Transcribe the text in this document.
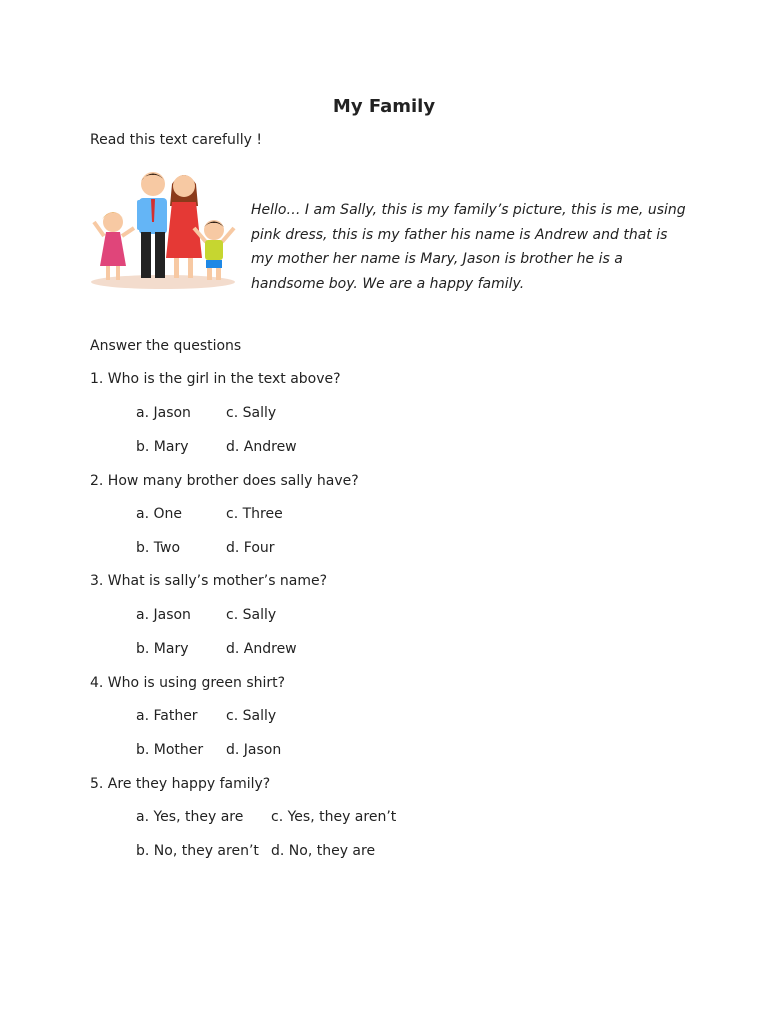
My Family
Read this text carefully !
Hello… I am Sally, this is my family’s picture, this is me, using pink dress, this is my father his name is Andrew and that is my mother her name is Mary, Jason is brother he is a handsome boy. We are a happy family.
Answer the questions
1. Who is the girl in the text above?
a. Jason	c. Sally
b. Mary	d. Andrew
2. How many brother does sally have?
a. One	c. Three
b. Two	d. Four
3. What is sally’s mother’s name?
a. Jason	c. Sally
b. Mary	d. Andrew
4. Who is using green shirt?
a. Father c. Sally
b. Mother d. Jason
5. Are they happy family?
a. Yes, they are c. Yes, they aren’t
b. No, they aren’t d. No, they are
